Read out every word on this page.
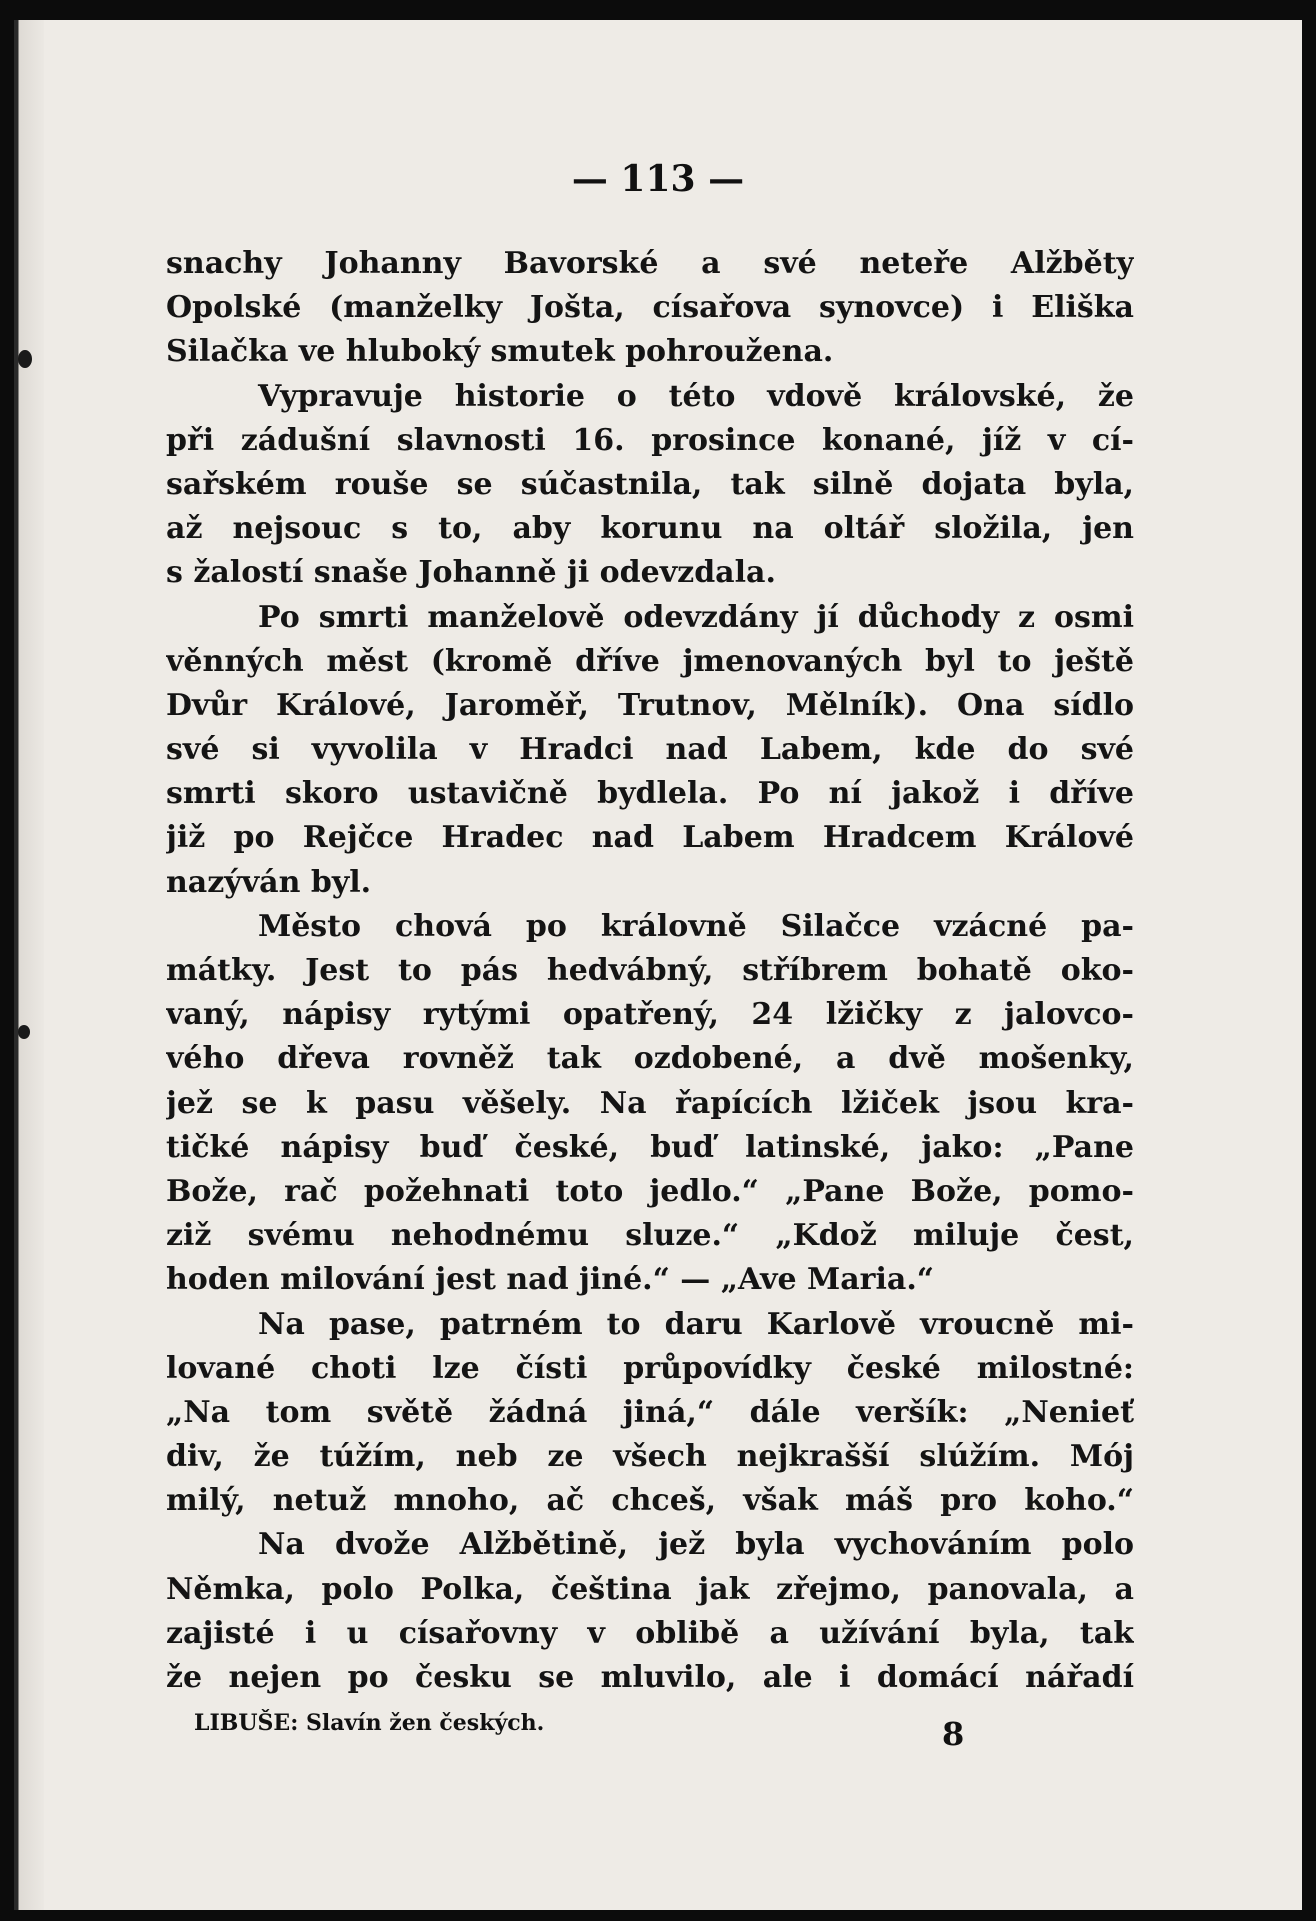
— 113 —
snachy Johanny Bavorské a své neteře Alžběty
Opolské (manželky Jošta, císařova synovce) i Eliška
Silačka ve hluboký smutek pohroužena.
Vypravuje historie o této vdově královské, že
při zádušní slavnosti 16. prosince konané, jíž v cí-
sařském rouše se súčastnila, tak silně dojata byla,
až nejsouc s to, aby korunu na oltář složila, jen
s žalostí snaše Johanně ji odevzdala.
Po smrti manželově odevzdány jí důchody z osmi
věnných měst (kromě dříve jmenovaných byl to ještě
Dvůr Králové, Jaroměř, Trutnov, Mělník). Ona sídlo
své si vyvolila v Hradci nad Labem, kde do své
smrti skoro ustavičně bydlela. Po ní jakož i dříve
již po Rejčce Hradec nad Labem Hradcem Králové
nazýván byl.
Město chová po královně Silačce vzácné pa-
mátky. Jest to pás hedvábný, stříbrem bohatě oko-
vaný, nápisy rytými opatřený, 24 lžičky z jalovco-
vého dřeva rovněž tak ozdobené, a dvě mošenky,
jež se k pasu věšely. Na řapících lžiček jsou kra-
tičké nápisy buď české, buď latinské, jako: „Pane
Bože, rač požehnati toto jedlo.“ „Pane Bože, pomo-
ziž svému nehodnému sluze.“ „Kdož miluje čest,
hoden milování jest nad jiné.“ — „Ave Maria.“
Na pase, patrném to daru Karlově vroucně mi-
lované choti lze čísti průpovídky české milostné:
„Na tom světě žádná jiná,“ dále veršík: „Nenieť
div, že túžím, neb ze všech nejkrašší slúžím. Mój
milý, netuž mnoho, ač chceš, však máš pro koho.“
Na dvože Alžbětině, jež byla vychováním polo
Němka, polo Polka, čeština jak zřejmo, panovala, a
zajisté i u císařovny v oblibě a užívání byla, tak
že nejen po česku se mluvilo, ale i domácí nářadí
LIBUŠE: Slavín žen českých.	8
